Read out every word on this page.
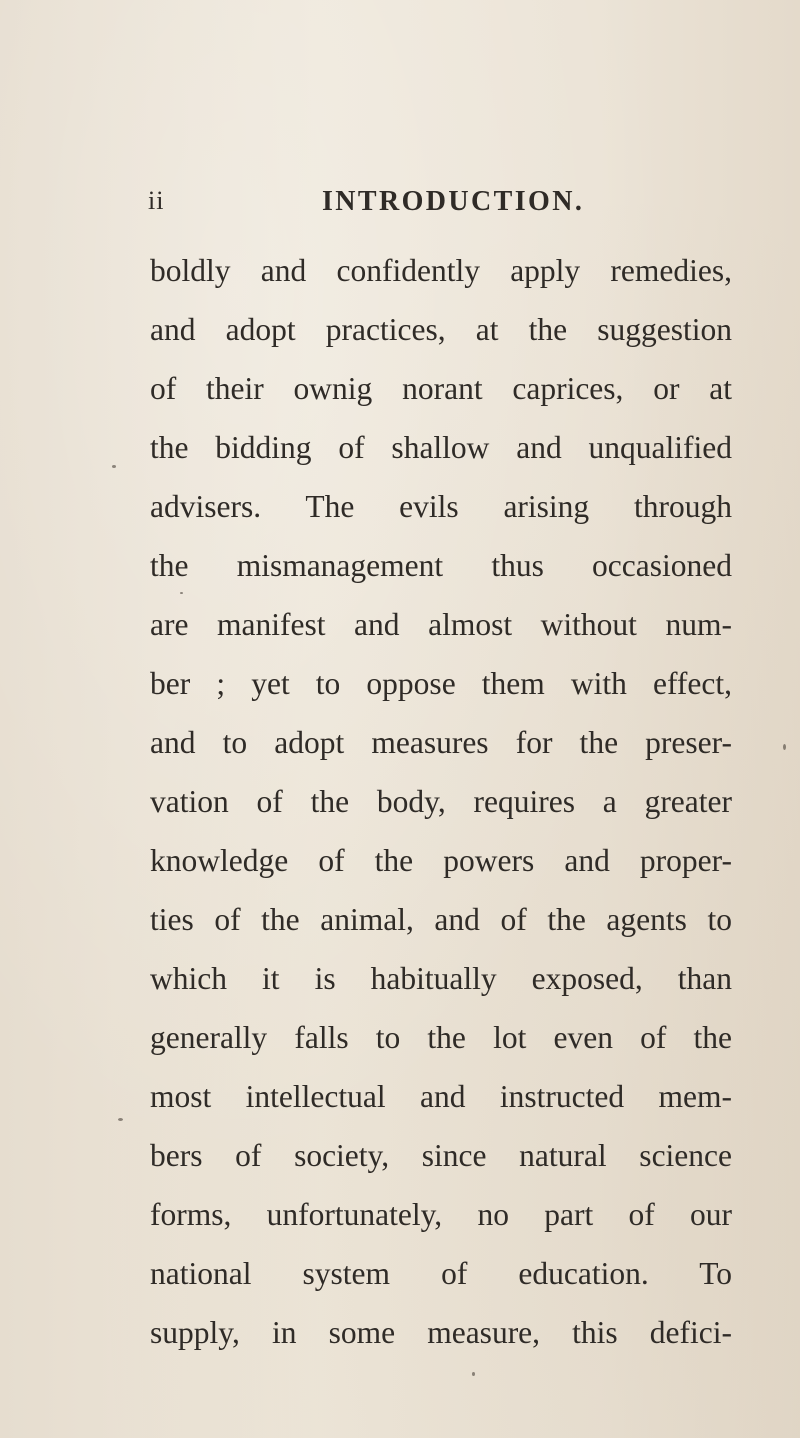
ii	INTRODUCTION.
boldly and confidently apply remedies,
and adopt practices, at the suggestion
of their ownig norant caprices, or at
the bidding of shallow and unqualified
advisers. The evils arising through
the mismanagement thus occasioned
are manifest and almost without num-
ber ; yet to oppose them with effect,
and to adopt measures for the preser-
vation of the body, requires a greater
knowledge of the powers and proper-
ties of the animal, and of the agents to
which it is habitually exposed, than
generally falls to the lot even of the
most intellectual and instructed mem-
bers of society, since natural science
forms, unfortunately, no part of our
national system of education. To
supply, in some measure, this defici-
